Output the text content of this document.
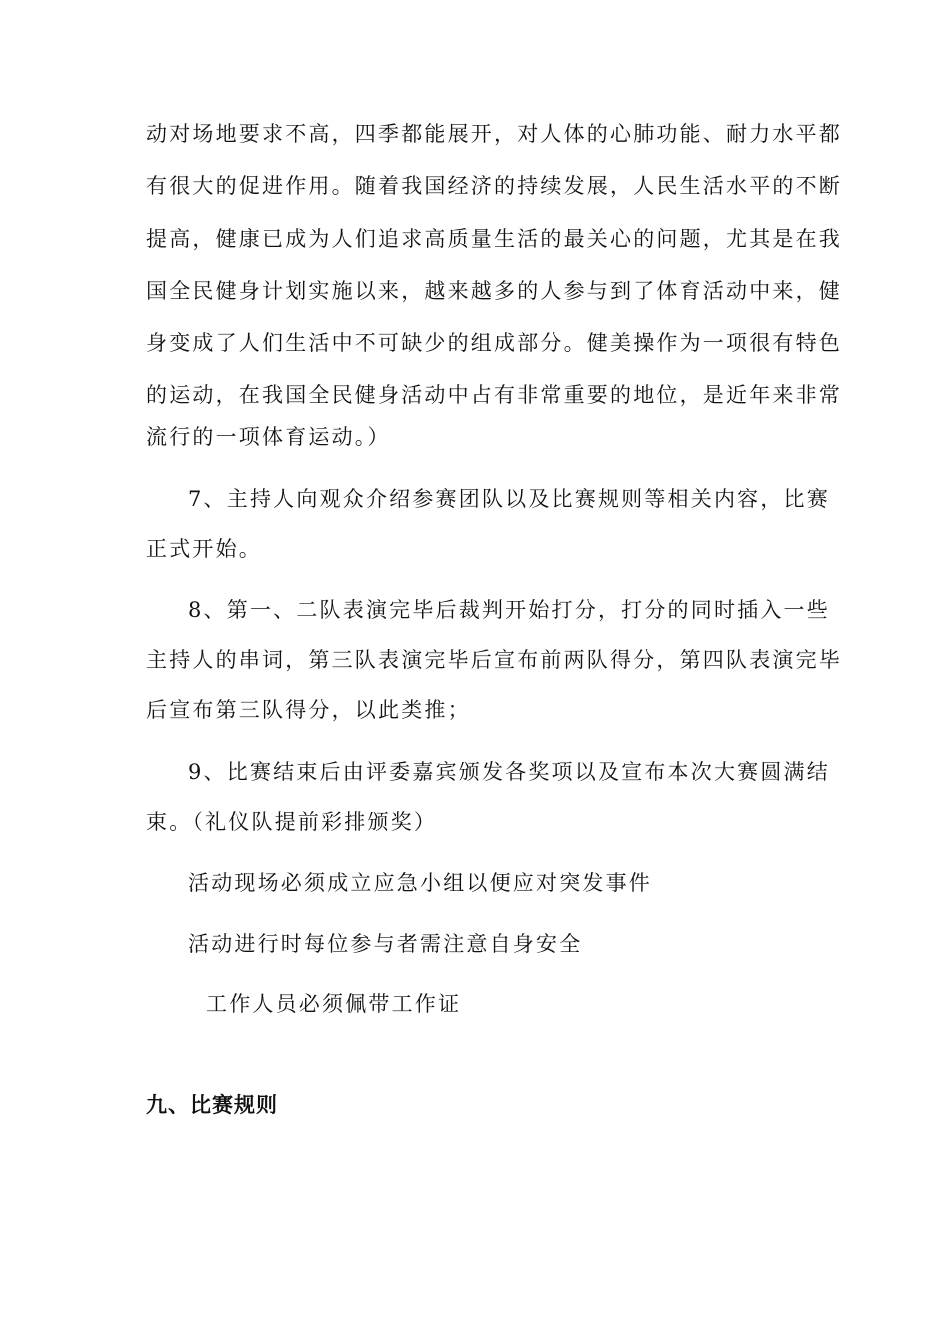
动对场地要求不高，四季都能展开，对人体的心肺功能、耐力水平都
有很大的促进作用。随着我国经济的持续发展，人民生活水平的不断
提高，健康已成为人们追求高质量生活的最关心的问题，尤其是在我
国全民健身计划实施以来，越来越多的人参与到了体育活动中来，健
身变成了人们生活中不可缺少的组成部分。健美操作为一项很有特色
的运动，在我国全民健身活动中占有非常重要的地位，是近年来非常
流行的一项体育运动。）
7、主持人向观众介绍参赛团队以及比赛规则等相关内容，比赛
正式开始。
8、第一、二队表演完毕后裁判开始打分，打分的同时插入一些
主持人的串词，第三队表演完毕后宣布前两队得分，第四队表演完毕
后宣布第三队得分，以此类推；
9、比赛结束后由评委嘉宾颁发各奖项以及宣布本次大赛圆满结
束。（礼仪队提前彩排颁奖）
活动现场必须成立应急小组以便应对突发事件
活动进行时每位参与者需注意自身安全
工作人员必须佩带工作证
九、比赛规则
